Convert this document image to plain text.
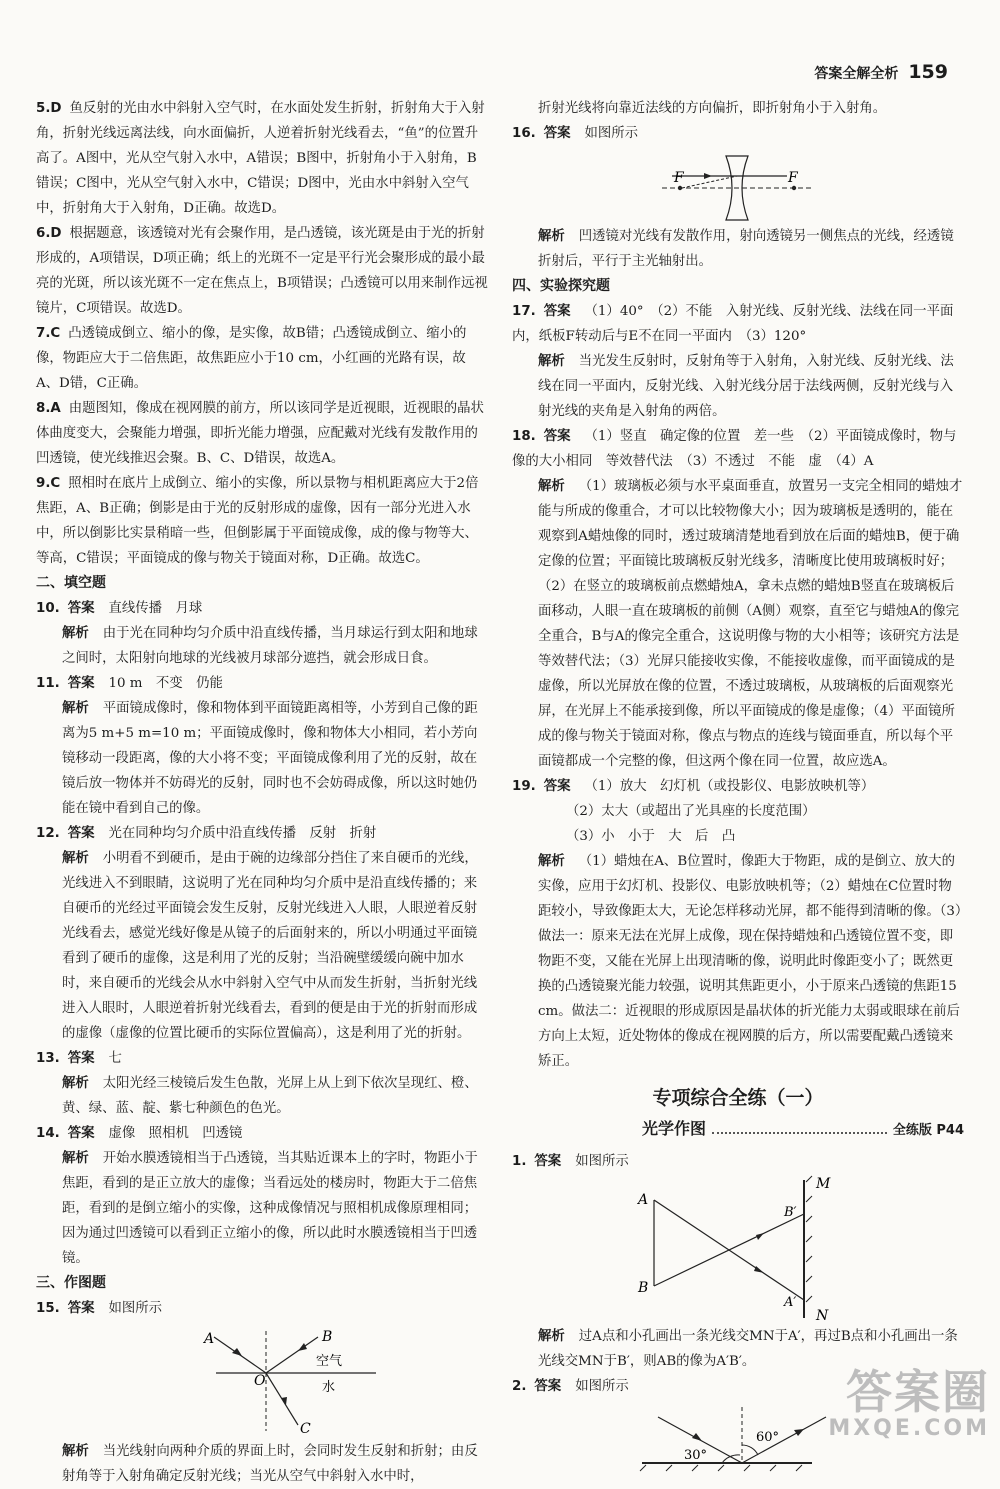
答案全解全析 159

5.D 鱼反射的光由水中斜射入空气时，在水面处发生折射，折射角大于入射角，折射光线远离法线，向水面偏折，人逆着折射光线看去，“鱼”的位置升高了。A图中，光从空气射入水中，A错误；B图中，折射角小于入射角，B错误；C图中，光从空气射入水中，C错误；D图中，光由水中斜射入空气中，折射角大于入射角，D正确。故选D。

6.D 根据题意，该透镜对光有会聚作用，是凸透镜，该光斑是由于光的折射形成的，A项错误，D项正确；纸上的光斑不一定是平行光会聚形成的最小最亮的光斑，所以该光斑不一定在焦点上，B项错误；凸透镜可以用来制作远视镜片，C项错误。故选D。

7.C 凸透镜成倒立、缩小的像，是实像，故B错；凸透镜成倒立、缩小的像，物距应大于二倍焦距，故焦距应小于10 cm，小红画的光路有误，故A、D错，C正确。

8.A 由题图知，像成在视网膜的前方，所以该同学是近视眼，近视眼的晶状体曲度变大，会聚能力增强，即折光能力增强，应配戴对光线有发散作用的凹透镜，使光线推迟会聚。B、C、D错误，故选A。

9.C 照相时在底片上成倒立、缩小的实像，所以景物与相机距离应大于2倍焦距，A、B正确；倒影是由于光的反射形成的虚像，因有一部分光进入水中，所以倒影比实景稍暗一些，但倒影属于平面镜成像，成的像与物等大、等高，C错误；平面镜成的像与物关于镜面对称，D正确。故选C。

二、填空题

10. 答案 直线传播　月球

解析 由于光在同种均匀介质中沿直线传播，当月球运行到太阳和地球之间时，太阳射向地球的光线被月球部分遮挡，就会形成日食。

11. 答案 10 m　不变　仍能

解析 平面镜成像时，像和物体到平面镜距离相等，小芳到自己像的距离为5 m+5 m=10 m；平面镜成像时，像和物体大小相同，若小芳向镜移动一段距离，像的大小将不变；平面镜成像利用了光的反射，故在镜后放一物体并不妨碍光的反射，同时也不会妨碍成像，所以这时她仍能在镜中看到自己的像。

12. 答案 光在同种均匀介质中沿直线传播　反射　折射

解析 小明看不到硬币，是由于碗的边缘部分挡住了来自硬币的光线，光线进入不到眼睛，这说明了光在同种均匀介质中是沿直线传播的；来自硬币的光经过平面镜会发生反射，反射光线进入人眼，人眼逆着反射光线看去，感觉光线好像是从镜子的后面射来的，所以小明通过平面镜看到了硬币的虚像，这是利用了光的反射；当沿碗壁缓缓向碗中加水时，来自硬币的光线会从水中斜射入空气中从而发生折射，当折射光线进入人眼时，人眼逆着折射光线看去，看到的便是由于光的折射而形成的虚像（虚像的位置比硬币的实际位置偏高），这是利用了光的折射。

13. 答案 七

解析 太阳光经三棱镜后发生色散，光屏上从上到下依次呈现红、橙、黄、绿、蓝、靛、紫七种颜色的色光。

14. 答案 虚像　照相机　凹透镜

解析 开始水膜透镜相当于凸透镜，当其贴近课本上的字时，物距小于焦距，看到的是正立放大的虚像；当看远处的楼房时，物距大于二倍焦距，看到的是倒立缩小的实像，这种成像情况与照相机成像原理相同；因为通过凹透镜可以看到正立缩小的像，所以此时水膜透镜相当于凹透镜。

三、作图题

15. 答案 如图所示

A	B
C
O
空气
水

解析 当光线射向两种介质的界面上时，会同时发生反射和折射；由反射角等于入射角确定反射光线；当光从空气中斜射入水中时，

折射光线将向靠近法线的方向偏折，即折射角小于入射角。

16. 答案 如图所示

F	F

解析 凹透镜对光线有发散作用，射向透镜另一侧焦点的光线，经透镜折射后，平行于主光轴射出。

四、实验探究题

17. 答案 （1）40°　（2）不能　入射光线、反射光线、法线在同一平面内，纸板F转动后与E不在同一平面内　（3）120°

解析 当光发生反射时，反射角等于入射角，入射光线、反射光线、法线在同一平面内，反射光线、入射光线分居于法线两侧，反射光线与入射光线的夹角是入射角的两倍。

18. 答案 （1）竖直　确定像的位置　差一些　（2）平面镜成像时，物与像的大小相同　等效替代法　（3）不透过　不能　虚　（4）A

解析 （1）玻璃板必须与水平桌面垂直，放置另一支完全相同的蜡烛才能与所成的像重合，才可以比较物像大小；因为玻璃板是透明的，能在观察到A蜡烛像的同时，透过玻璃清楚地看到放在后面的蜡烛B，便于确定像的位置；平面镜比玻璃板反射光线多，清晰度比使用玻璃板时好；（2）在竖立的玻璃板前点燃蜡烛A，拿未点燃的蜡烛B竖直在玻璃板后面移动，人眼一直在玻璃板的前侧（A侧）观察，直至它与蜡烛A的像完全重合，B与A的像完全重合，这说明像与物的大小相等；该研究方法是等效替代法；（3）光屏只能接收实像，不能接收虚像，而平面镜成的是虚像，所以光屏放在像的位置，不透过玻璃板，从玻璃板的后面观察光屏，在光屏上不能承接到像，所以平面镜成的像是虚像；（4）平面镜所成的像与物关于镜面对称，像点与物点的连线与镜面垂直，所以每个平面镜都成一个完整的像，但这两个像在同一位置，故应选A。

19. 答案 （1）放大　幻灯机（或投影仪、电影放映机等）

（2）太大（或超出了光具座的长度范围）

（3）小　小于　大　后　凸

解析 （1）蜡烛在A、B位置时，像距大于物距，成的是倒立、放大的实像，应用于幻灯机、投影仪、电影放映机等；（2）蜡烛在C位置时物距较小，导致像距太大，无论怎样移动光屏，都不能得到清晰的像。（3）做法一：原来无法在光屏上成像，现在保持蜡烛和凸透镜位置不变，即物距不变，又能在光屏上出现清晰的像，说明此时像距变小了；既然更换的凸透镜聚光能力较强，说明其焦距更小，小于原来凸透镜的焦距15 cm。做法二：近视眼的形成原因是晶状体的折光能力太弱或眼球在前后方向上太短，近处物体的像成在视网膜的后方，所以需要配戴凸透镜来矫正。

专项综合全练（一）

光学作图	全练版 P44

1. 答案 如图所示

A
B
M
N
A′
B′

解析 过A点和小孔画出一条光线交MN于A′，再过B点和小孔画出一条光线交MN于B′，则AB的像为A′B′。

2. 答案 如图所示

30°
60°
答案圈
MXQE.COM
